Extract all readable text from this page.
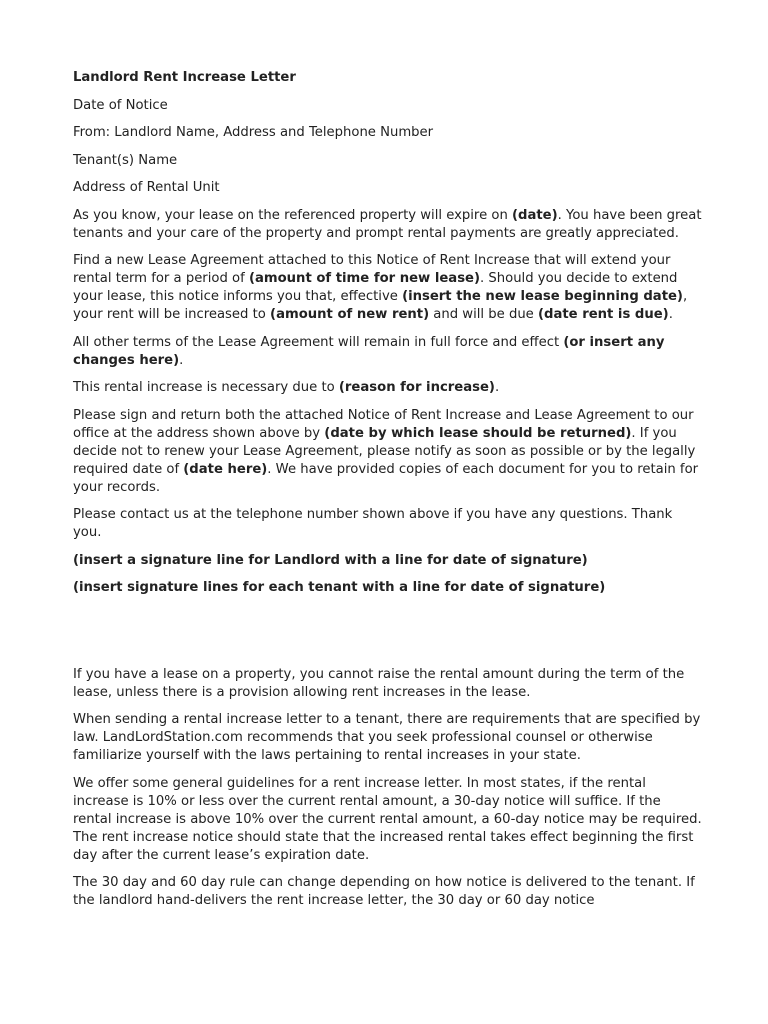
Landlord Rent Increase Letter

Date of Notice

From: Landlord Name, Address and Telephone Number

Tenant(s) Name

Address of Rental Unit

As you know, your lease on the referenced property will expire on (date). You have been great tenants and your care of the property and prompt rental payments are greatly appreciated.

Find a new Lease Agreement attached to this Notice of Rent Increase that will extend your rental term for a period of (amount of time for new lease). Should you decide to extend your lease, this notice informs you that, effective (insert the new lease beginning date), your rent will be increased to (amount of new rent) and will be due (date rent is due).

All other terms of the Lease Agreement will remain in full force and effect (or insert any changes here).

This rental increase is necessary due to (reason for increase).

Please sign and return both the attached Notice of Rent Increase and Lease Agreement to our office at the address shown above by (date by which lease should be returned). If you decide not to renew your Lease Agreement, please notify as soon as possible or by the legally required date of (date here). We have provided copies of each document for you to retain for your records.

Please contact us at the telephone number shown above if you have any questions. Thank you.

(insert a signature line for Landlord with a line for date of signature)

(insert signature lines for each tenant with a line for date of signature)

If you have a lease on a property, you cannot raise the rental amount during the term of the lease, unless there is a provision allowing rent increases in the lease.

When sending a rental increase letter to a tenant, there are requirements that are specified by law. LandLordStation.com recommends that you seek professional counsel or otherwise familiarize yourself with the laws pertaining to rental increases in your state.

We offer some general guidelines for a rent increase letter. In most states, if the rental increase is 10% or less over the current rental amount, a 30-day notice will suffice. If the rental increase is above 10% over the current rental amount, a 60-day notice may be required. The rent increase notice should state that the increased rental takes effect beginning the first day after the current lease’s expiration date.

The 30 day and 60 day rule can change depending on how notice is delivered to the tenant. If the landlord hand-delivers the rent increase letter, the 30 day or 60 day notice
